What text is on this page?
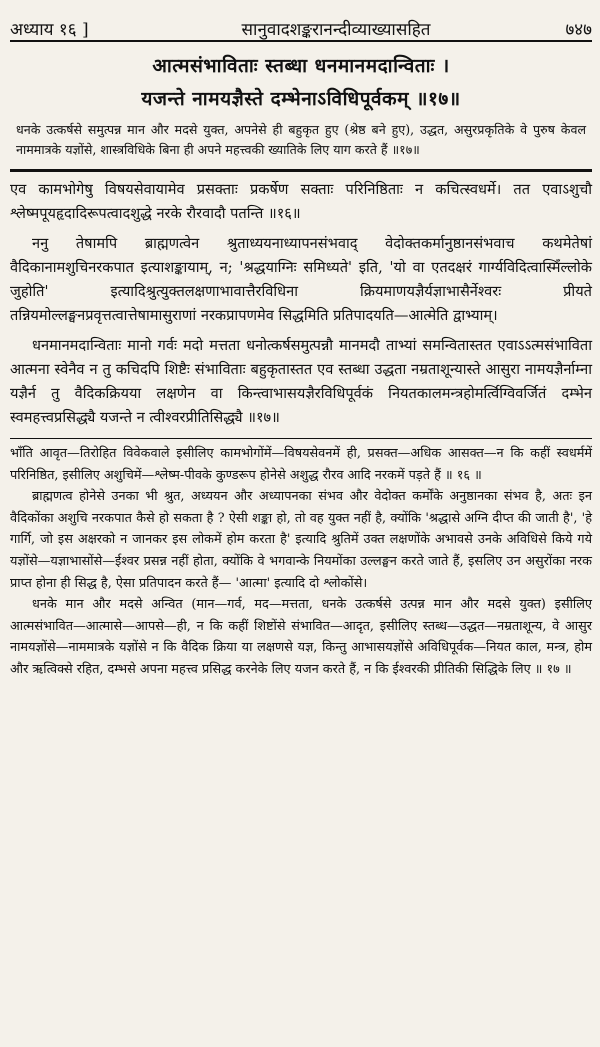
अध्याय १६ ]	सानुवादशङ्करानन्दीव्याख्यासहित	७४७
आत्मसंभाविताः स्तब्धा धनमानमदान्विताः ।
यजन्ते नामयज्ञैस्ते दम्भेनाऽविधिपूर्वकम् ॥१७॥
धनके उत्कर्षसे समुत्पन्न मान और मदसे युक्त, अपनेसे ही बहुकृत हुए (श्रेष्ठ बने हुए), उद्धत, असुरप्रकृतिके वे पुरुष केवल नाममात्रके यज्ञोंसे, शास्त्रविधिके बिना ही अपने महत्त्वकी ख्यातिके लिए याग करते हैं ॥१७॥

एव कामभोगेषु विषयसेवायामेव प्रसक्ताः प्रकर्षेण सक्ताः परिनिष्ठिताः न कचित्स्वधर्मे। तत एवाऽशुचौ श्लेष्मपूयहृदादिरूपत्वादशुद्धे नरके रौरवादौ पतन्ति ॥१६॥

ननु तेषामपि ब्राह्मणत्वेन श्रुताध्ययनाध्यापनसंभवाद् वेदोक्तकर्मानुष्ठानसंभवाच कथमेतेषां वैदिकानामशुचिनरकपात इत्याशङ्कायाम्, न; 'श्रद्धयाग्निः समिध्यते' इति, 'यो वा एतदक्षरं गार्ग्यविदित्वास्मिँल्लोके जुहोति' इत्यादिश्रुत्युक्तलक्षणाभावात्तैरविधिना क्रियमाणयज्ञैर्यज्ञाभासैर्नेश्वरः प्रीयते तन्नियमोल्लङ्घनप्रवृत्तत्वात्तेषामासुराणां नरकप्रापणमेव सिद्धमिति प्रतिपादयति—आत्मेति द्वाभ्याम्।

धनमानमदान्विताः मानो गर्वः मदो मत्तता धनोत्कर्षसमुत्पन्नौ मानमदौ ताभ्यां समन्वितास्तत एवाऽऽत्मसंभाविता आत्मना स्वेनैव न तु कचिदपि शिष्टैः संभाविताः बहुकृतास्तत एव स्तब्धा उद्धता नम्रताशून्यास्ते आसुरा नामयज्ञैर्नाम्ना यज्ञैर्न तु वैदिकक्रियया लक्षणेन वा किन्त्वाभासयज्ञैरविधिपूर्वकं नियतकालमन्त्रहोमर्त्विग्विवर्जितं दम्भेन स्वमहत्त्वप्रसिद्ध्यै यजन्ते न त्वीश्वरप्रीतिसिद्ध्यै ॥१७॥

भाँति आवृत—तिरोहित विवेकवाले इसीलिए कामभोगोंमें—विषयसेवनमें ही, प्रसक्त—अधिक आसक्त—न कि कहीं स्वधर्ममें परिनिष्ठित, इसीलिए अशुचिमें—श्लेष्म-पीवके कुण्डरूप होनेसे अशुद्ध रौरव आदि नरकमें पड़ते हैं ॥ १६ ॥

ब्राह्मणत्व होनेसे उनका भी श्रुत, अध्ययन और अध्यापनका संभव और वेदोक्त कर्मोंके अनुष्ठानका संभव है, अतः इन वैदिकोंका अशुचि नरकपात कैसे हो सकता है ? ऐसी शङ्का हो, तो वह युक्त नहीं है, क्योंकि 'श्रद्धासे अग्नि दीप्त की जाती है', 'हे गार्गि, जो इस अक्षरको न जानकर इस लोकमें होम करता है' इत्यादि श्रुतिमें उक्त लक्षणोंके अभावसे उनके अविधिसे किये गये यज्ञोंसे—यज्ञाभासोंसे—ईश्वर प्रसन्न नहीं होता, क्योंकि वे भगवान्के नियमोंका उल्लङ्घन करते जाते हैं, इसलिए उन असुरोंका नरक प्राप्त होना ही सिद्ध है, ऐसा प्रतिपादन करते हैं— 'आत्मा' इत्यादि दो श्लोकोंसे।

धनके मान और मदसे अन्वित (मान—गर्व, मद—मत्तता, धनके उत्कर्षसे उत्पन्न मान और मदसे युक्त) इसीलिए आत्मसंभावित—आत्मासे—आपसे—ही, न कि कहीं शिष्टोंसे संभावित—आदृत, इसीलिए स्तब्ध—उद्धत—नम्रताशून्य, वे आसुर नामयज्ञोंसे—नाममात्रके यज्ञोंसे न कि वैदिक क्रिया या लक्षणसे यज्ञ, किन्तु आभासयज्ञोंसे अविधिपूर्वक—नियत काल, मन्त्र, होम और ऋत्विक्से रहित, दम्भसे अपना महत्त्व प्रसिद्ध करनेके लिए यजन करते हैं, न कि ईश्वरकी प्रीतिकी सिद्धिके लिए ॥ १७ ॥
